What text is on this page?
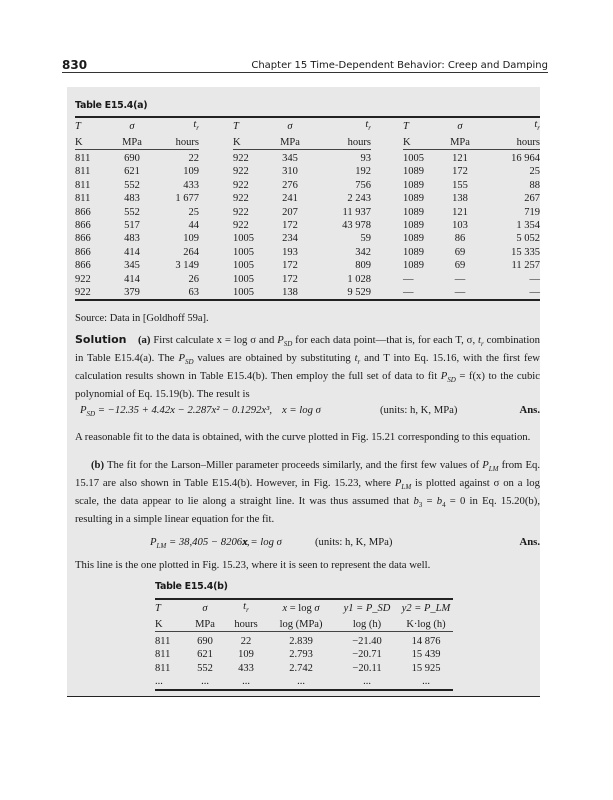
830	Chapter 15 Time-Dependent Behavior: Creep and Damping
Table E15.4(a)
T	σ	$t_r$		T	σ	$t_r$		T	σ	$t_r$
K	MPa	hours		K	MPa	hours		K	MPa	hours
811	690	22		922	345	93		1005	121	16 964
811	621	109		922	310	192		1089	172	25
811	552	433		922	276	756		1089	155	88
811	483	1 677		922	241	2 243		1089	138	267
866	552	25		922	207	11 937		1089	121	719
866	517	44		922	172	43 978		1089	103	1 354
866	483	109		1005	234	59		1089	86	5 052
866	414	264		1005	193	342		1089	69	15 335
866	345	3 149		1005	172	809		1089	69	11 257
922	414	26		1005	172	1 028		—	—	—
922	379	63		1005	138	9 529		—	—	—
Source: Data in [Goldhoff 59a].
Solution (a) First calculate x = log σ and $P_{SD}$ for each data point—that is, for each T, σ, $t_r$ combination in Table E15.4(a). The $P_{SD}$ values are obtained by substituting $t_r$ and T into Eq. 15.16, with the first few calculation results shown in Table E15.4(b). Then employ the full set of data to fit $P_{SD} = f(x)$ to the cubic polynomial of Eq. 15.19(b). The result is
$P_{SD} = -12.35 + 4.42x - 2.287x^2 - 0.1292x^3$, x = log σ	(units: h, K, MPa)	Ans.
A reasonable fit to the data is obtained, with the curve plotted in Fig. 15.21 corresponding to this equation.
(b) The fit for the Larson–Miller parameter proceeds similarly, and the first few values of $P_{LM}$ from Eq. 15.17 are also shown in Table E15.4(b). However, in Fig. 15.23, where $P_{LM}$ is plotted against σ on a log scale, the data appear to lie along a straight line. It was thus assumed that $b_3 = b_4 = 0$ in Eq. 15.20(b), resulting in a simple linear equation for the fit.
$P_{LM} = 38,405 - 8206x$,
x = log σ	(units: h, K, MPa)	Ans.
This line is the one plotted in Fig. 15.23, where it is seen to represent the data well.
Table E15.4(b)
T	σ	$t_r$	x = log σ	y1 = P_SD	y2 = P_LM
K	MPa	hours	log (MPa)	log (h)	K·log (h)
811	690	22	2.839	−21.40	14 876
811	621	109	2.793	−20.71	15 439
811	552	433	2.742	−20.11	15 925
...	...	...	...	...	...
